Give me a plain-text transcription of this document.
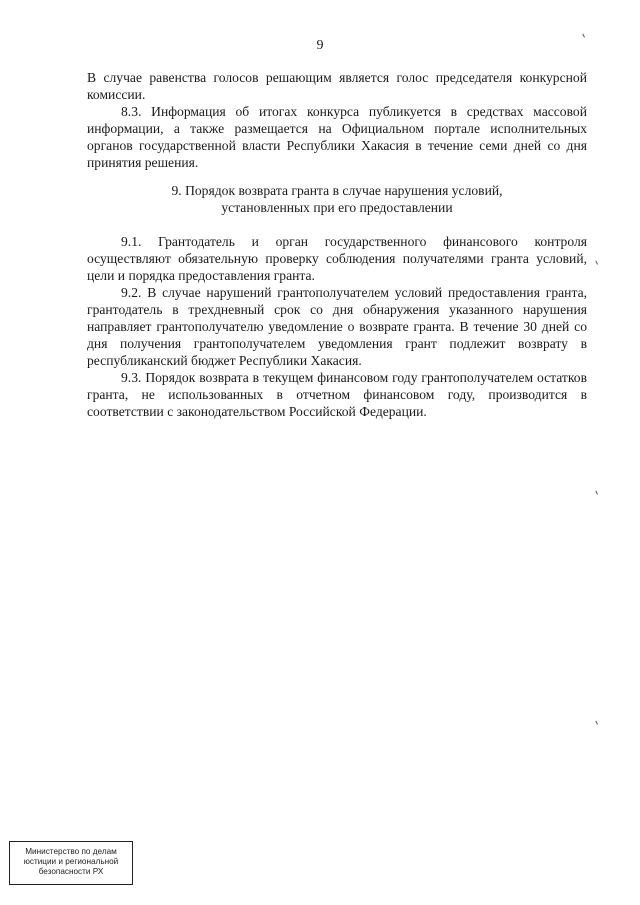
9

В случае равенства голосов решающим является голос председателя конкурсной комиссии.

8.3. Информация об итогах конкурса публикуется в средствах массовой информации, а также размещается на Официальном портале исполнительных органов государственной власти Республики Хакасия в течение семи дней со дня принятия решения.

9. Порядок возврата гранта в случае нарушения условий,
установленных при его предоставлении

9.1. Грантодатель и орган государственного финансового контроля осуществляют обязательную проверку соблюдения получателями гранта условий, цели и порядка предоставления гранта.

9.2. В случае нарушений грантополучателем условий предоставления гранта, грантодатель в трехдневный срок со дня обнаружения указанного нарушения направляет грантополучателю уведомление о возврате гранта. В течение 30 дней со дня получения грантополучателем уведомления грант подлежит возврату в республиканский бюджет Республики Хакасия.

9.3. Порядок возврата в текущем финансовом году грантополучателем остатков гранта, не использованных в отчетном финансовом году, производится в соответствии с законодательством Российской Федерации.

Министерство по делам
юстиции и региональной
безопасности РХ
